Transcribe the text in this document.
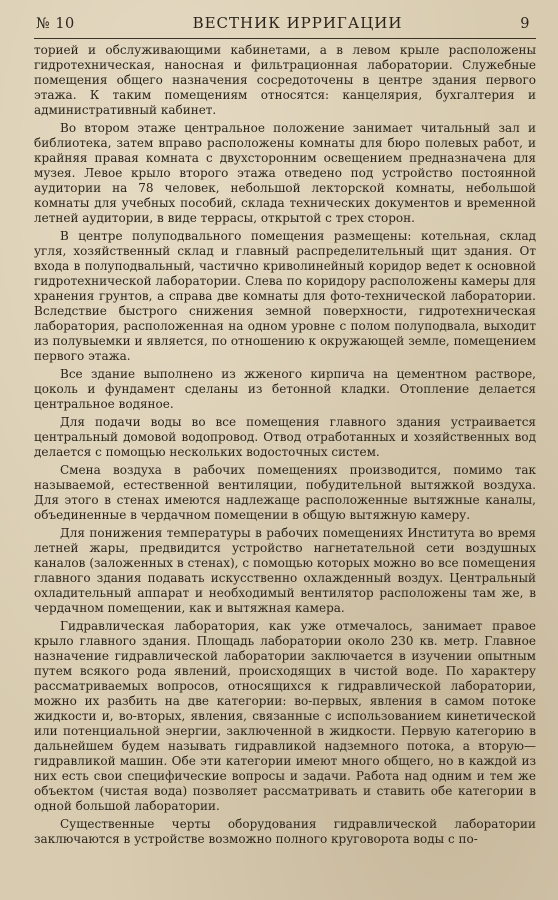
№ 10	ВЕСТНИК ИРРИГАЦИИ	9

торией и обслуживающими кабинетами, а в левом крыле расположены гидротехническая, наносная и фильтрационная лаборатории. Служебные помещения общего назначения сосредоточены в центре здания первого этажа. К таким помещениям относятся: канцелярия, бухгалтерия и административный кабинет.

Во втором этаже центральное положение занимает читальный зал и библиотека, затем вправо расположены комнаты для бюро полевых работ, и крайняя правая комната с двухсторонним освещением предназначена для музея. Левое крыло второго этажа отведено под устройство постоянной аудитории на 78 человек, небольшой лекторской комнаты, небольшой комнаты для учебных пособий, склада технических документов и временной летней аудитории, в виде террасы, открытой с трех сторон.

В центре полуподвального помещения размещены: котельная, склад угля, хозяйственный склад и главный распределительный щит здания. От входа в полуподвальный, частично криволинейный коридор ведет к основной гидротехнической лаборатории. Слева по коридору расположены камеры для хранения грунтов, а справа две комнаты для фото-технической лаборатории. Вследствие быстрого снижения земной поверхности, гидротехническая лаборатория, расположенная на одном уровне с полом полуподвала, выходит из полувыемки и является, по отношению к окружающей земле, помещением первого этажа.

Все здание выполнено из жженого кирпича на цементном растворе, цоколь и фундамент сделаны из бетонной кладки. Отопление делается центральное водяное.

Для подачи воды во все помещения главного здания устраивается центральный домовой водопровод. Отвод отработанных и хозяйственных вод делается с помощью нескольких водосточных систем.

Смена воздуха в рабочих помещениях производится, помимо так называемой, естественной вентиляции, побудительной вытяжкой воздуха. Для этого в стенах имеются надлежаще расположенные вытяжные каналы, объединенные в чердачном помещении в общую вытяжную камеру.

Для понижения температуры в рабочих помещениях Института во время летней жары, предвидится устройство нагнетательной сети воздушных каналов (заложенных в стенах), с помощью которых можно во все помещения главного здания подавать искусственно охлажденный воздух. Центральный охладительный аппарат и необходимый вентилятор расположены там же, в чердачном помещении, как и вытяжная камера.

Гидравлическая лаборатория, как уже отмечалось, занимает правое крыло главного здания. Площадь лаборатории около 230 кв. метр. Главное назначение гидравлической лаборатории заключается в изучении опытным путем всякого рода явлений, происходящих в чистой воде. По характеру рассматриваемых вопросов, относящихся к гидравлической лаборатории, можно их разбить на две категории: во-первых, явления в самом потоке жидкости и, во-вторых, явления, связанные с использованием кинетической или потенциальной энергии, заключенной в жидкости. Первую категорию в дальнейшем будем называть гидравликой надземного потока, а вторую—гидравликой машин. Обе эти категории имеют много общего, но в каждой из них есть свои специфические вопросы и задачи. Работа над одним и тем же объектом (чистая вода) позволяет рассматривать и ставить обе категории в одной большой лаборатории.

Существенные черты оборудования гидравлической лаборатории заключаются в устройстве возможно полного круговорота воды с по-
